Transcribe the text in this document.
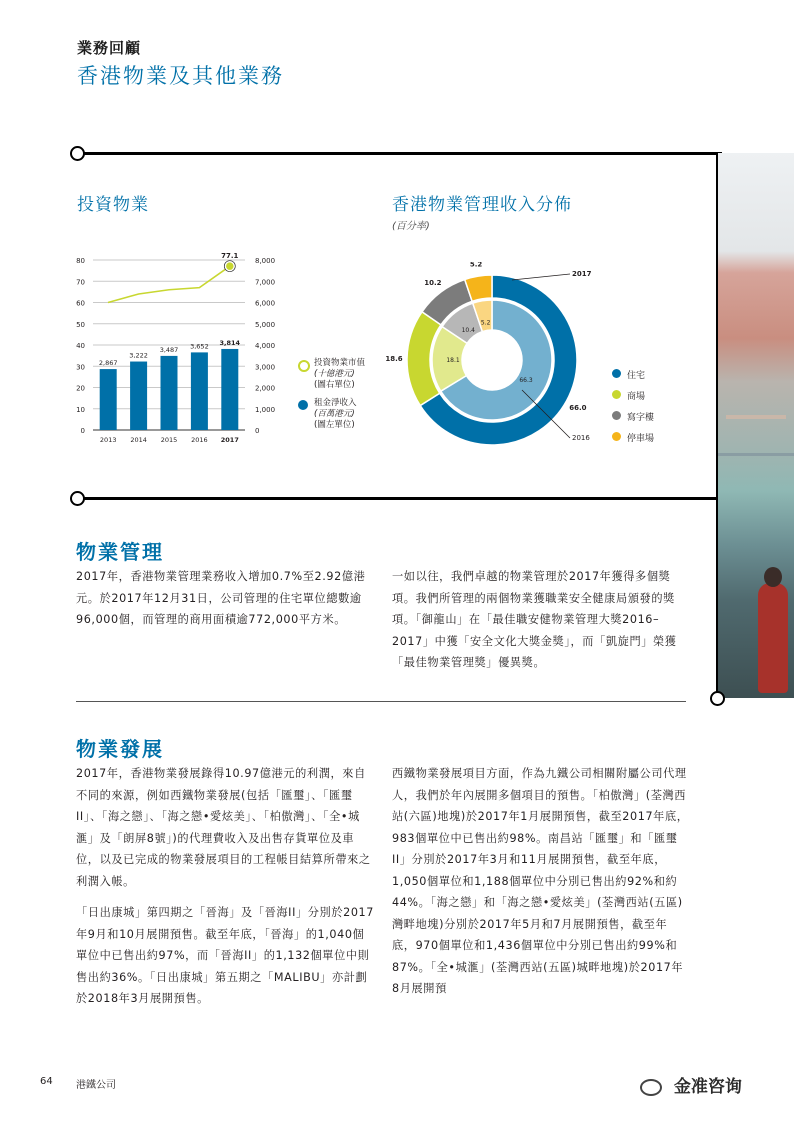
業務回顧
香港物業及其他業務
投資物業
80
70
60
50
40
30
20
10
0
8,000
7,000
6,000
5,000
4,000
3,000
2,000
1,000
0
2,867
2013
3,222
2014
3,487
2015
3,652
2016
3,814
2017
77.1
投資物業市值
(十億港元)
(圖右單位)
租金淨收入
(百萬港元)
(圖左單位)
香港物業管理收入分佈
(百分率)
66.0
18.6
10.2
5.2
66.3
18.1
10.4
5.2
2017
2016
住宅
商場
寫字樓
停車場
物業管理

2017年，香港物業管理業務收入增加0.7%至2.92億港元。於2017年12月31日，公司管理的住宅單位總數逾96,000個，而管理的商用面積逾772,000平方米。

一如以往，我們卓越的物業管理於2017年獲得多個獎項。我們所管理的兩個物業獲職業安全健康局頒發的獎項。「御龍山」在「最佳職安健物業管理大獎2016–2017」中獲「安全文化大獎金獎」，而「凱旋門」榮獲「最佳物業管理獎」優異獎。

物業發展

2017年，香港物業發展錄得10.97億港元的利潤，來自不同的來源，例如西鐵物業發展(包括「匯璽」、「匯璽II」、「海之戀」、「海之戀•愛炫美」、「柏傲灣」、「全•城滙」及「朗屏8號」)的代理費收入及出售存貨單位及車位，以及已完成的物業發展項目的工程帳目結算所帶來之利潤入帳。

「日出康城」第四期之「晉海」及「晉海II」分別於2017年9月和10月展開預售。截至年底，「晉海」的1,040個單位中已售出約97%，而「晉海II」的1,132個單位中則售出約36%。「日出康城」第五期之「MALIBU」亦計劃於2018年3月展開預售。

西鐵物業發展項目方面，作為九鐵公司相關附屬公司代理人，我們於年內展開多個項目的預售。「柏傲灣」(荃灣西站(六區)地塊)於2017年1月展開預售，截至2017年底，983個單位中已售出約98%。南昌站「匯璽」和「匯璽II」分別於2017年3月和11月展開預售，截至年底，1,050個單位和1,188個單位中分別已售出約92%和約44%。「海之戀」和「海之戀•愛炫美」(荃灣西站(五區)灣畔地塊)分別於2017年5月和7月展開預售，截至年底，970個單位和1,436個單位中分別已售出約99%和87%。「全•城滙」(荃灣西站(五區)城畔地塊)於2017年8月展開預

64 港鐵公司	金准咨询
